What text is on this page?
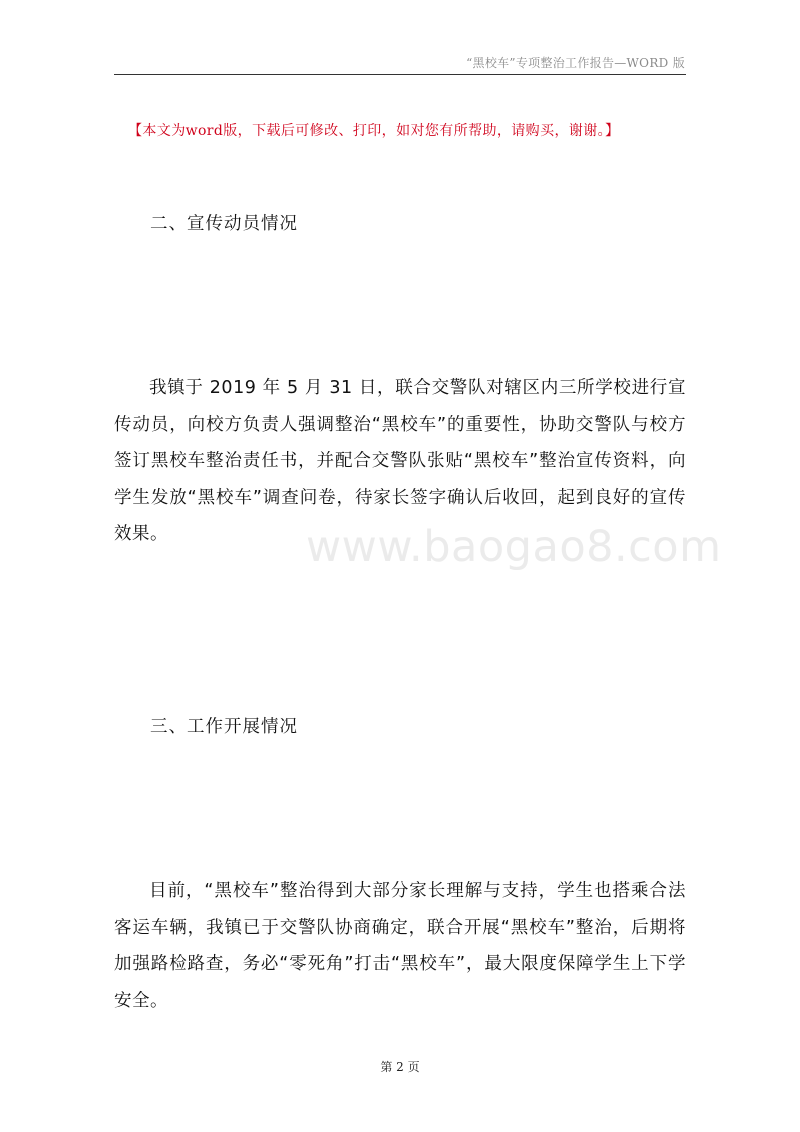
“黑校车”专项整治工作报告—WORD 版
【本文为word版，下载后可修改、打印，如对您有所帮助，请购买，谢谢。】
www.baogao8.com
二、宣传动员情况
我镇于 2019 年 5 月 31 日，联合交警队对辖区内三所学校进行宣传动员，向校方负责人强调整治“黑校车”的重要性，协助交警队与校方签订黑校车整治责任书，并配合交警队张贴“黑校车”整治宣传资料，向学生发放“黑校车”调查问卷，待家长签字确认后收回，起到良好的宣传效果。
三、工作开展情况
目前，“黑校车”整治得到大部分家长理解与支持，学生也搭乘合法客运车辆，我镇已于交警队协商确定，联合开展“黑校车”整治，后期将加强路检路查，务必“零死角”打击“黑校车”，最大限度保障学生上下学安全。
第 2 页
